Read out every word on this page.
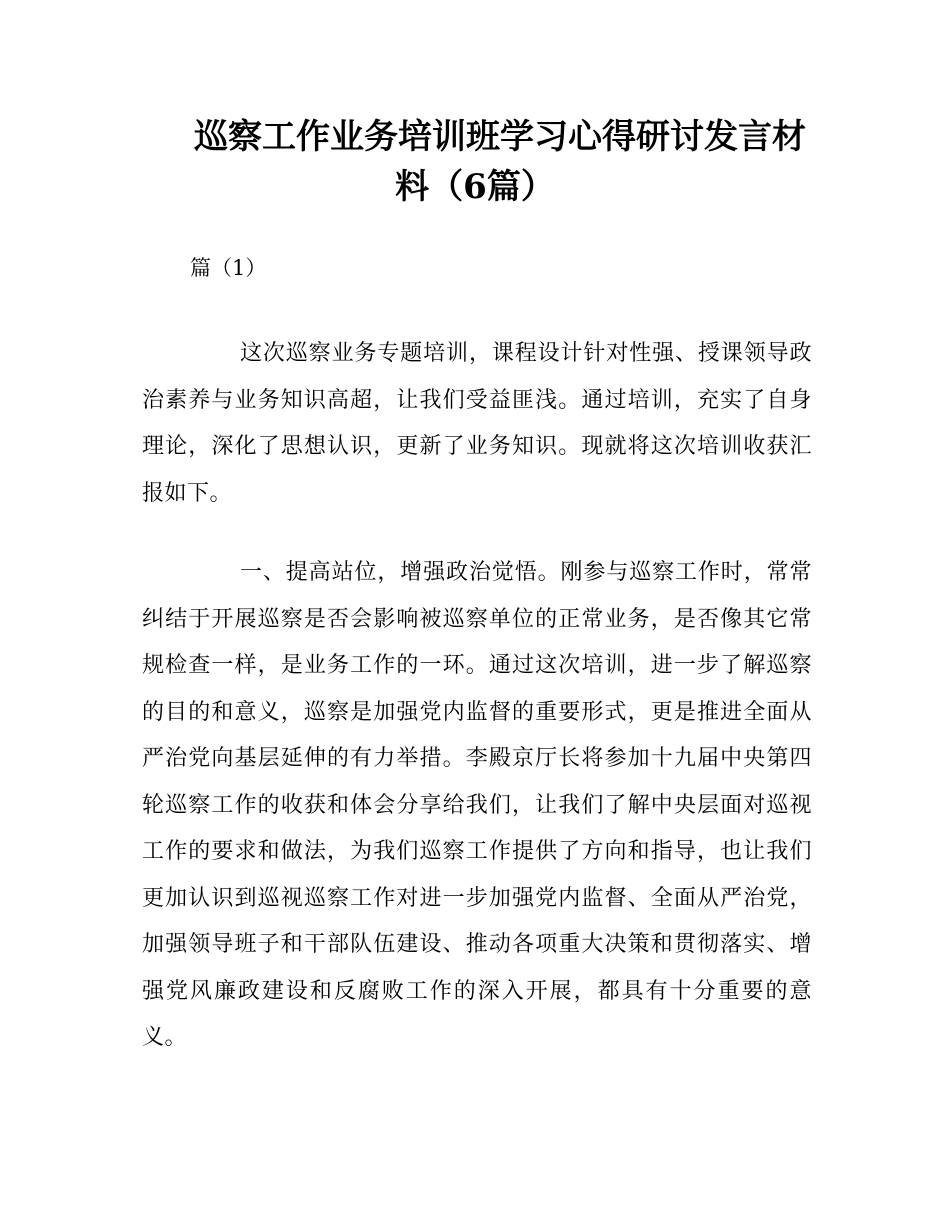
巡察工作业务培训班学习心得研讨发言材
料（6篇）

篇（1）

这次巡察业务专题培训，课程设计针对性强、授课领导政治素养与业务知识高超，让我们受益匪浅。通过培训，充实了自身理论，深化了思想认识，更新了业务知识。现就将这次培训收获汇报如下。

一、提高站位，增强政治觉悟。刚参与巡察工作时，常常纠结于开展巡察是否会影响被巡察单位的正常业务，是否像其它常规检查一样，是业务工作的一环。通过这次培训，进一步了解巡察的目的和意义，巡察是加强党内监督的重要形式，更是推进全面从严治党向基层延伸的有力举措。李殿京厅长将参加十九届中央第四轮巡察工作的收获和体会分享给我们，让我们了解中央层面对巡视工作的要求和做法，为我们巡察工作提供了方向和指导，也让我们更加认识到巡视巡察工作对进一步加强党内监督、全面从严治党，加强领导班子和干部队伍建设、推动各项重大决策和贯彻落实、增强党风廉政建设和反腐败工作的深入开展，都具有十分重要的意义。
